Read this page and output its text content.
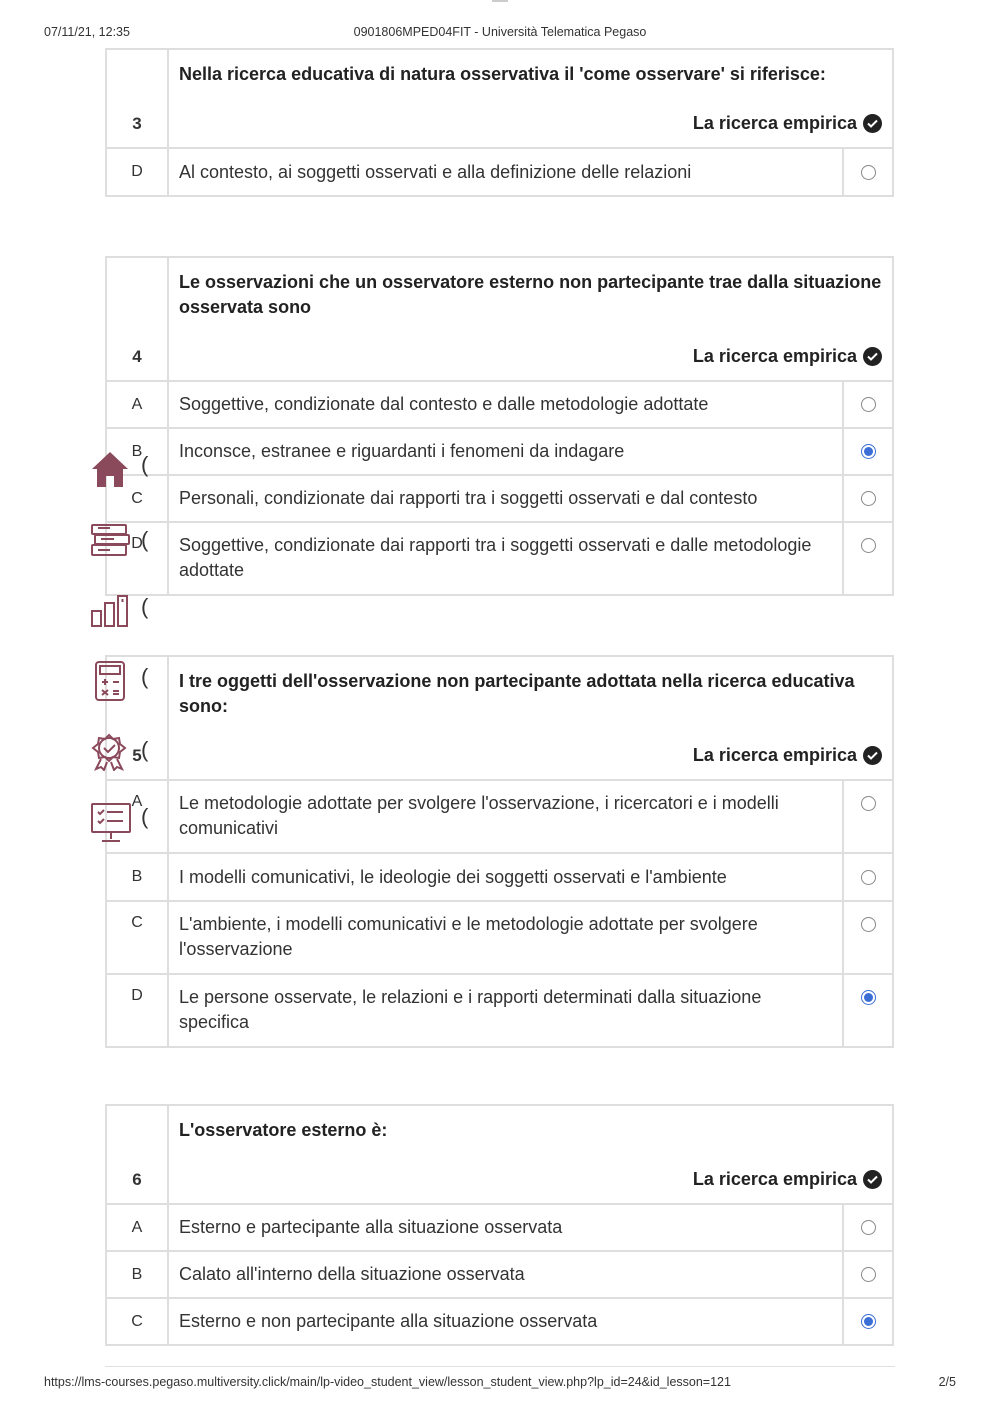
07/11/21, 12:35	0901806MPED04FIT - Università Telematica Pegaso
3
Nella ricerca educativa di natura osservativa il 'come osservare' si riferisce:
La ricerca empirica
D	Al contesto, ai soggetti osservati e alla definizione delle relazioni
4
Le osservazioni che un osservatore esterno non partecipante trae dalla situazione osservata sono
La ricerca empirica
A	Soggettive, condizionate dal contesto e dalle metodologie adottate
B	Inconsce, estranee e riguardanti i fenomeni da indagare
C	Personali, condizionate dai rapporti tra i soggetti osservati e dal contesto
D	Soggettive, condizionate dai rapporti tra i soggetti osservati e dalle metodologie adottate
5
I tre oggetti dell'osservazione non partecipante adottata nella ricerca educativa sono:
La ricerca empirica
A	Le metodologie adottate per svolgere l'osservazione, i ricercatori e i modelli comunicativi
B	I modelli comunicativi, le ideologie dei soggetti osservati e l'ambiente
C	L'ambiente, i modelli comunicativi e le metodologie adottate per svolgere l'osservazione
D	Le persone osservate, le relazioni e i rapporti determinati dalla situazione specifica
6
L'osservatore esterno è:
La ricerca empirica
A	Esterno e partecipante alla situazione osservata
B	Calato all'interno della situazione osservata
C	Esterno e non partecipante alla situazione osservata
(
(
(
(
(
(
https://lms-courses.pegaso.multiversity.click/main/lp-video_student_view/lesson_student_view.php?lp_id=24&id_lesson=121	2/5
